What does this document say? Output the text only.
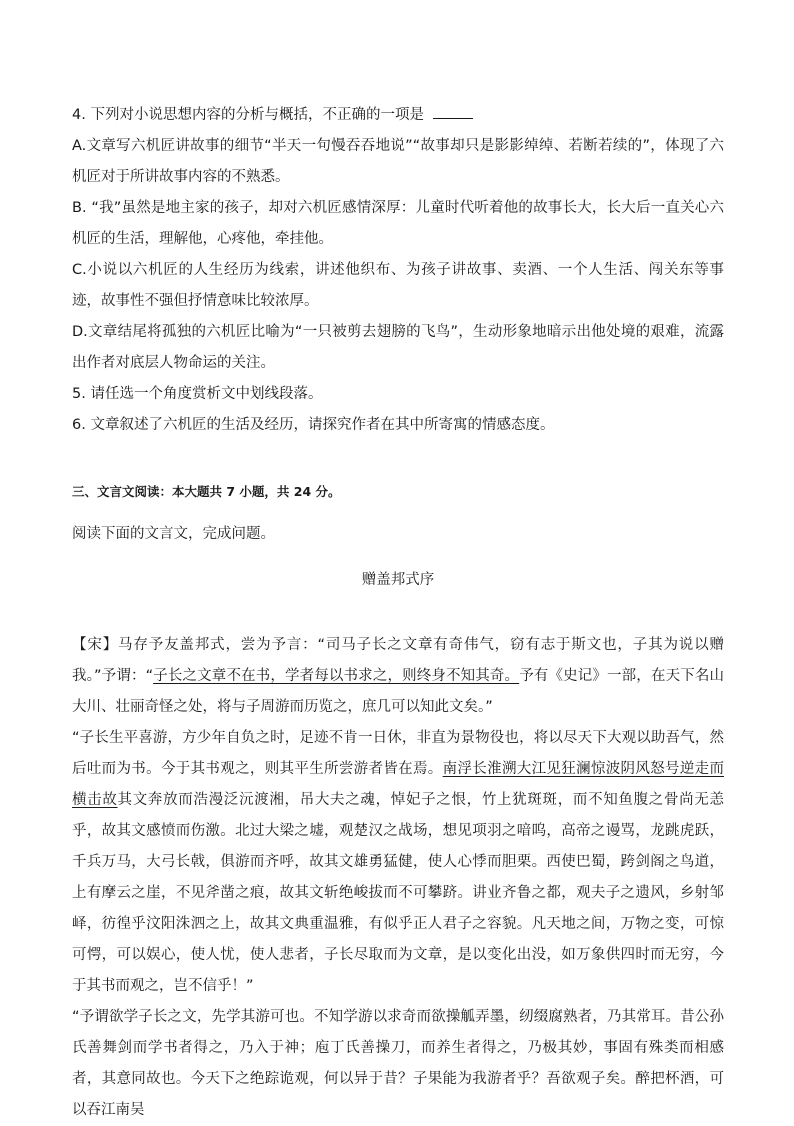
4. 下列对小说思想内容的分析与概括，不正确的一项是

A.文章写六机匠讲故事的细节“半天一句慢吞吞地说”“故事却只是影影绰绰、若断若续的”，体现了六机匠对于所讲故事内容的不熟悉。

B. “我”虽然是地主家的孩子，却对六机匠感情深厚：儿童时代听着他的故事长大，长大后一直关心六机匠的生活，理解他，心疼他，牵挂他。

C.小说以六机匠的人生经历为线索，讲述他织布、为孩子讲故事、卖酒、一个人生活、闯关东等事迹，故事性不强但抒情意味比较浓厚。

D.文章结尾将孤独的六机匠比喻为“一只被剪去翅膀的飞鸟”，生动形象地暗示出他处境的艰难，流露出作者对底层人物命运的关注。

5. 请任选一个角度赏析文中划线段落。

6. 文章叙述了六机匠的生活及经历，请探究作者在其中所寄寓的情感态度。

三、文言文阅读：本大题共 7 小题，共 24 分。

阅读下面的文言文，完成问题。

赠盖邦式序

【宋】马存予友盖邦式，尝为予言：“司马子长之文章有奇伟气，窃有志于斯文也，子其为说以赠我。”予谓：“子长之文章不在书，学者每以书求之，则终身不知其奇。予有《史记》一部，在天下名山大川、壮丽奇怪之处，将与子周游而历览之，庶几可以知此文矣。”

“子长生平喜游，方少年自负之时，足迹不肯一日休，非直为景物役也，将以尽天下大观以助吾气，然后吐而为书。今于其书观之，则其平生所尝游者皆在焉。南浮长淮溯大江见狂澜惊波阴风怒号逆走而横击故其文奔放而浩漫泛沅渡湘，吊大夫之魂，悼妃子之恨，竹上犹斑斑，而不知鱼腹之骨尚无恙乎，故其文感愤而伤激。北过大梁之墟，观楚汉之战场，想见项羽之喑呜，高帝之谩骂，龙跳虎跃，千兵万马，大弓长戟，俱游而齐呼，故其文雄勇猛健，使人心悸而胆栗。西使巴蜀，跨剑阁之鸟道，上有摩云之崖，不见斧凿之痕，故其文斩绝峻拔而不可攀跻。讲业齐鲁之都，观夫子之遗风，乡射邹峄，彷徨乎汶阳洙泗之上，故其文典重温雅，有似乎正人君子之容貌。凡天地之间，万物之变，可惊可愕，可以娱心，使人忧，使人悲者，子长尽取而为文章，是以变化出没，如万象供四时而无穷，今于其书而观之，岂不信乎！”

“予谓欲学子长之文，先学其游可也。不知学游以求奇而欲操觚弄墨，纫缀腐熟者，乃其常耳。昔公孙氏善舞剑而学书者得之，乃入于神；庖丁氏善操刀，而养生者得之，乃极其妙，事固有殊类而相感者，其意同故也。今天下之绝踪诡观，何以异于昔？子果能为我游者乎？吾欲观子矣。醉把杯酒，可以吞江南吴
